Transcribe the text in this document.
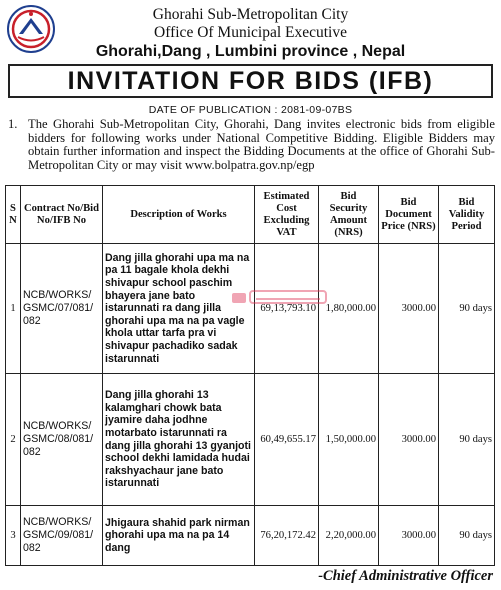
Ghorahi Sub-Metropolitan City
Office Of Municipal Executive
Ghorahi,Dang , Lumbini province , Nepal
INVITATION FOR BIDS (IFB)
DATE OF PUBLICATION : 2081-09-07BS
1. The Ghorahi Sub-Metropolitan City, Ghorahi, Dang invites electronic bids from eligible bidders for following works under National Competitive Bidding. Eligible Bidders may obtain further information and inspect the Bidding Documents at the office of Ghorahi Sub-Metropolitan City or may visit www.bolpatra.gov.np/egp
S N	Contract No/Bid No/IFB No	Description of Works	Estimated Cost Excluding VAT	Bid Security Amount (NRS)	Bid Document Price (NRS)	Bid Validity Period
1	NCB/WORKS/ GSMC/07/081/ 082	Dang jilla ghorahi upa ma na pa 11 bagale khola dekhi shivapur school paschim bhayera jane bato istarunnati ra dang jilla ghorahi upa ma na pa vagle khola uttar tarfa pra vi shivapur pachadiko sadak istarunnati	69,13,793.10	1,80,000.00	3000.00	90 days
2	NCB/WORKS/ GSMC/08/081/ 082	Dang jilla ghorahi 13 kalamghari chowk bata jyamire daha jodhne motarbato istarunnati ra dang jilla ghorahi 13 gyanjoti school dekhi lamidada hudai rakshyachaur jane bato istarunnati	60,49,655.17	1,50,000.00	3000.00	90 days
3	NCB/WORKS/ GSMC/09/081/ 082	Jhigaura shahid park nirman ghorahi upa ma na pa 14 dang	76,20,172.42	2,20,000.00	3000.00	90 days
-Chief Administrative Officer
